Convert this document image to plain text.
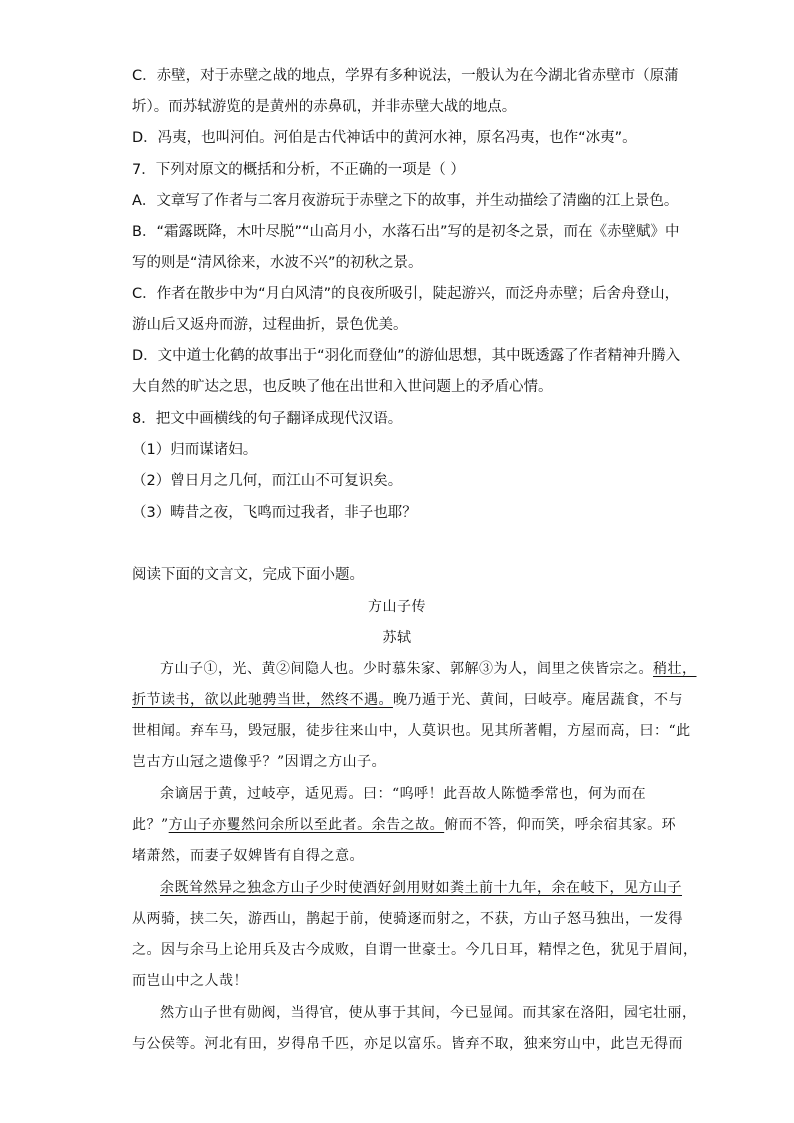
C．赤壁，对于赤壁之战的地点，学界有多种说法，一般认为在今湖北省赤壁市（原蒲
圻）。而苏轼游览的是黄州的赤鼻矶，并非赤壁大战的地点。
D．冯夷，也叫河伯。河伯是古代神话中的黄河水神，原名冯夷，也作“冰夷”。
7．下列对原文的概括和分析，不正确的一项是（ ）
A．文章写了作者与二客月夜游玩于赤壁之下的故事，并生动描绘了清幽的江上景色。
B．“霜露既降，木叶尽脱”“山高月小，水落石出”写的是初冬之景，而在《赤壁赋》中
写的则是“清风徐来，水波不兴”的初秋之景。
C．作者在散步中为“月白风清”的良夜所吸引，陡起游兴，而泛舟赤壁；后舍舟登山，
游山后又返舟而游，过程曲折，景色优美。
D．文中道士化鹤的故事出于“羽化而登仙”的游仙思想，其中既透露了作者精神升腾入
大自然的旷达之思，也反映了他在出世和入世问题上的矛盾心情。
8．把文中画横线的句子翻译成现代汉语。
（1）归而谋诸妇。
（2）曾日月之几何，而江山不可复识矣。
（3）畴昔之夜，飞鸣而过我者，非子也耶？
阅读下面的文言文，完成下面小题。
方山子传
苏轼
方山子①，光、黄②间隐人也。少时慕朱家、郭解③为人，闾里之侠皆宗之。稍壮，
折节读书，欲以此驰骋当世，然终不遇。晚乃遁于光、黄间，曰岐亭。庵居蔬食，不与
世相闻。弃车马，毁冠服，徒步往来山中，人莫识也。见其所著帽，方屋而高，曰：“此
岂古方山冠之遗像乎？”因谓之方山子。
余谪居于黄，过岐亭，适见焉。曰：“呜呼！此吾故人陈慥季常也，何为而在
此？”方山子亦矍然问余所以至此者。余告之故。俯而不答，仰而笑，呼余宿其家。环
堵萧然，而妻子奴婢皆有自得之意。
余既耸然异之独念方山子少时使酒好剑用财如粪土前十九年，余在岐下，见方山子
从两骑，挟二矢，游西山，鹊起于前，使骑逐而射之，不获，方山子怒马独出，一发得
之。因与余马上论用兵及古今成败，自谓一世豪士。今几日耳，精悍之色，犹见于眉间，
而岂山中之人哉！
然方山子世有勋阀，当得官，使从事于其间，今已显闻。而其家在洛阳，园宅壮丽，
与公侯等。河北有田，岁得帛千匹，亦足以富乐。皆弃不取，独来穷山中，此岂无得而
